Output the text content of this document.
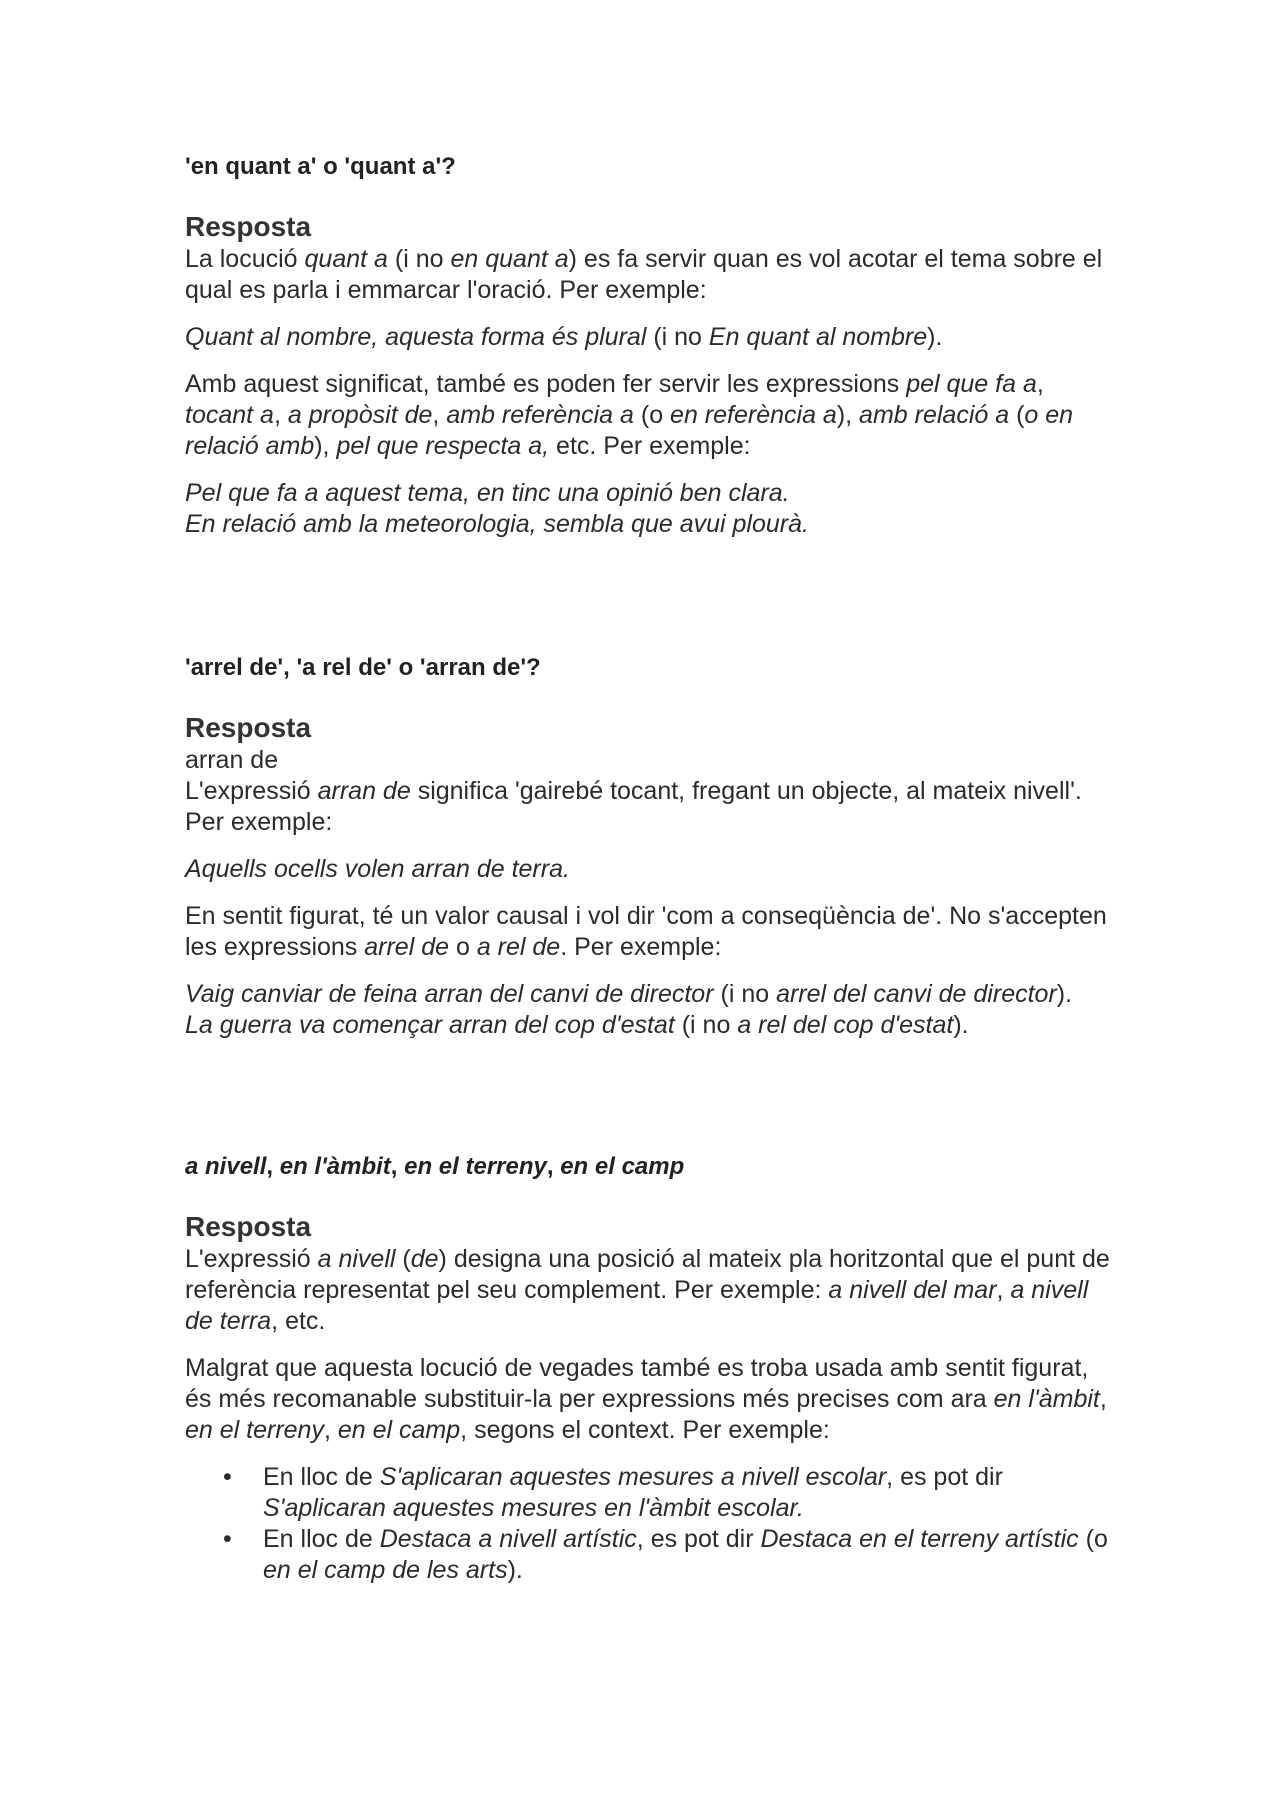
'en quant a' o 'quant a'?

Resposta

La locució quant a (i no en quant a) es fa servir quan es vol acotar el tema sobre el qual es parla i emmarcar l'oració. Per exemple:

Quant al nombre, aquesta forma és plural (i no En quant al nombre).

Amb aquest significat, també es poden fer servir les expressions pel que fa a, tocant a, a propòsit de, amb referència a (o en referència a), amb relació a (o en relació amb), pel que respecta a, etc. Per exemple:

Pel que fa a aquest tema, en tinc una opinió ben clara.

En relació amb la meteorologia, sembla que avui plourà.

'arrel de', 'a rel de' o 'arran de'?

Resposta

arran de

L'expressió arran de significa 'gairebé tocant, fregant un objecte, al mateix nivell'. Per exemple:

Aquells ocells volen arran de terra.

En sentit figurat, té un valor causal i vol dir 'com a conseqüència de'. No s'accepten les expressions arrel de o a rel de. Per exemple:

Vaig canviar de feina arran del canvi de director (i no arrel del canvi de director).

La guerra va començar arran del cop d'estat (i no a rel del cop d'estat).

a nivell, en l'àmbit, en el terreny, en el camp

Resposta

L'expressió a nivell (de) designa una posició al mateix pla horitzontal que el punt de referència representat pel seu complement. Per exemple: a nivell del mar, a nivell de terra, etc.

Malgrat que aquesta locució de vegades també es troba usada amb sentit figurat, és més recomanable substituir-la per expressions més precises com ara en l'àmbit, en el terreny, en el camp, segons el context. Per exemple:

• En lloc de S'aplicaran aquestes mesures a nivell escolar, es pot dir S'aplicaran aquestes mesures en l'àmbit escolar.
• En lloc de Destaca a nivell artístic, es pot dir Destaca en el terreny artístic (o en el camp de les arts).
